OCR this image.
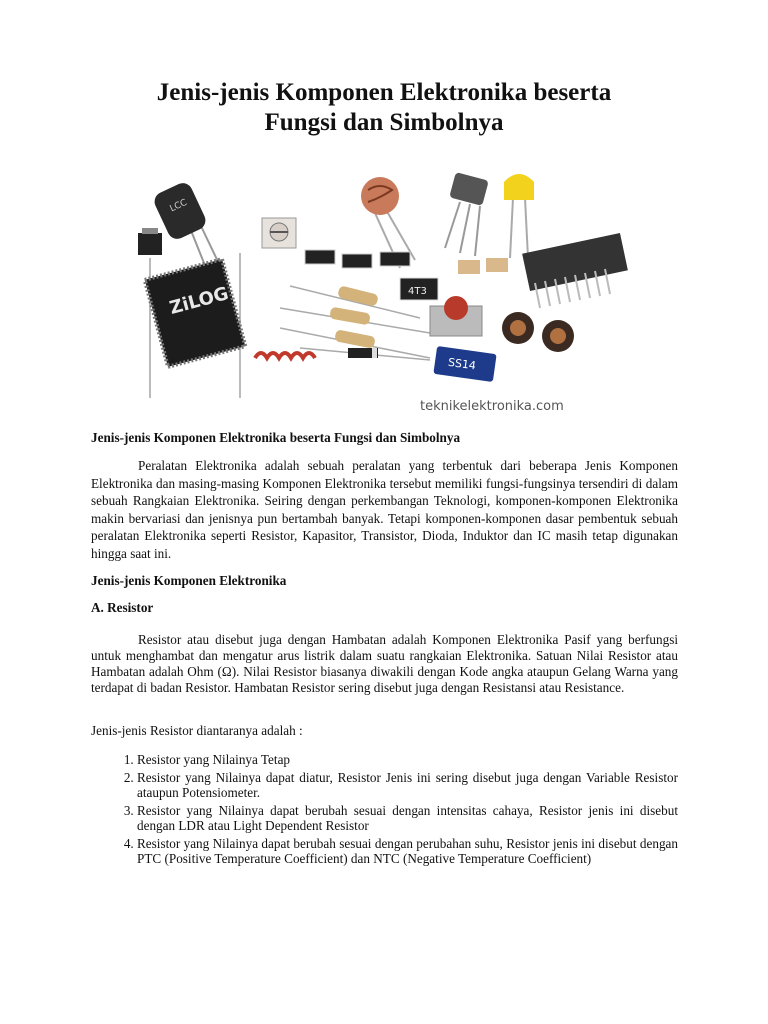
Jenis-jenis Komponen Elektronika beserta
Fungsi dan Simbolnya
LCC
4T3
SS14
ZiLOG
teknikelektronika.com
Jenis-jenis Komponen Elektronika beserta Fungsi dan Simbolnya

Peralatan Elektronika adalah sebuah peralatan yang terbentuk dari beberapa Jenis Komponen Elektronika dan masing-masing Komponen Elektronika tersebut memiliki fungsi-fungsinya tersendiri di dalam sebuah Rangkaian Elektronika. Seiring dengan perkembangan Teknologi, komponen-komponen Elektronika makin bervariasi dan jenisnya pun bertambah banyak. Tetapi komponen-komponen dasar pembentuk sebuah peralatan Elektronika seperti Resistor, Kapasitor, Transistor, Dioda, Induktor dan IC masih tetap digunakan hingga saat ini.

Jenis-jenis Komponen Elektronika
A. Resistor

Resistor atau disebut juga dengan Hambatan adalah Komponen Elektronika Pasif yang berfungsi untuk menghambat dan mengatur arus listrik dalam suatu rangkaian Elektronika. Satuan Nilai Resistor atau Hambatan adalah Ohm (Ω). Nilai Resistor biasanya diwakili dengan Kode angka ataupun Gelang Warna yang terdapat di badan Resistor. Hambatan Resistor sering disebut juga dengan Resistansi atau Resistance.

Jenis-jenis Resistor diantaranya adalah :

1. Resistor yang Nilainya Tetap
2. Resistor yang Nilainya dapat diatur, Resistor Jenis ini sering disebut juga dengan Variable Resistor ataupun Potensiometer.
3. Resistor yang Nilainya dapat berubah sesuai dengan intensitas cahaya, Resistor jenis ini disebut dengan LDR atau Light Dependent Resistor
4. Resistor yang Nilainya dapat berubah sesuai dengan perubahan suhu, Resistor jenis ini disebut dengan PTC (Positive Temperature Coefficient) dan NTC (Negative Temperature Coefficient)
